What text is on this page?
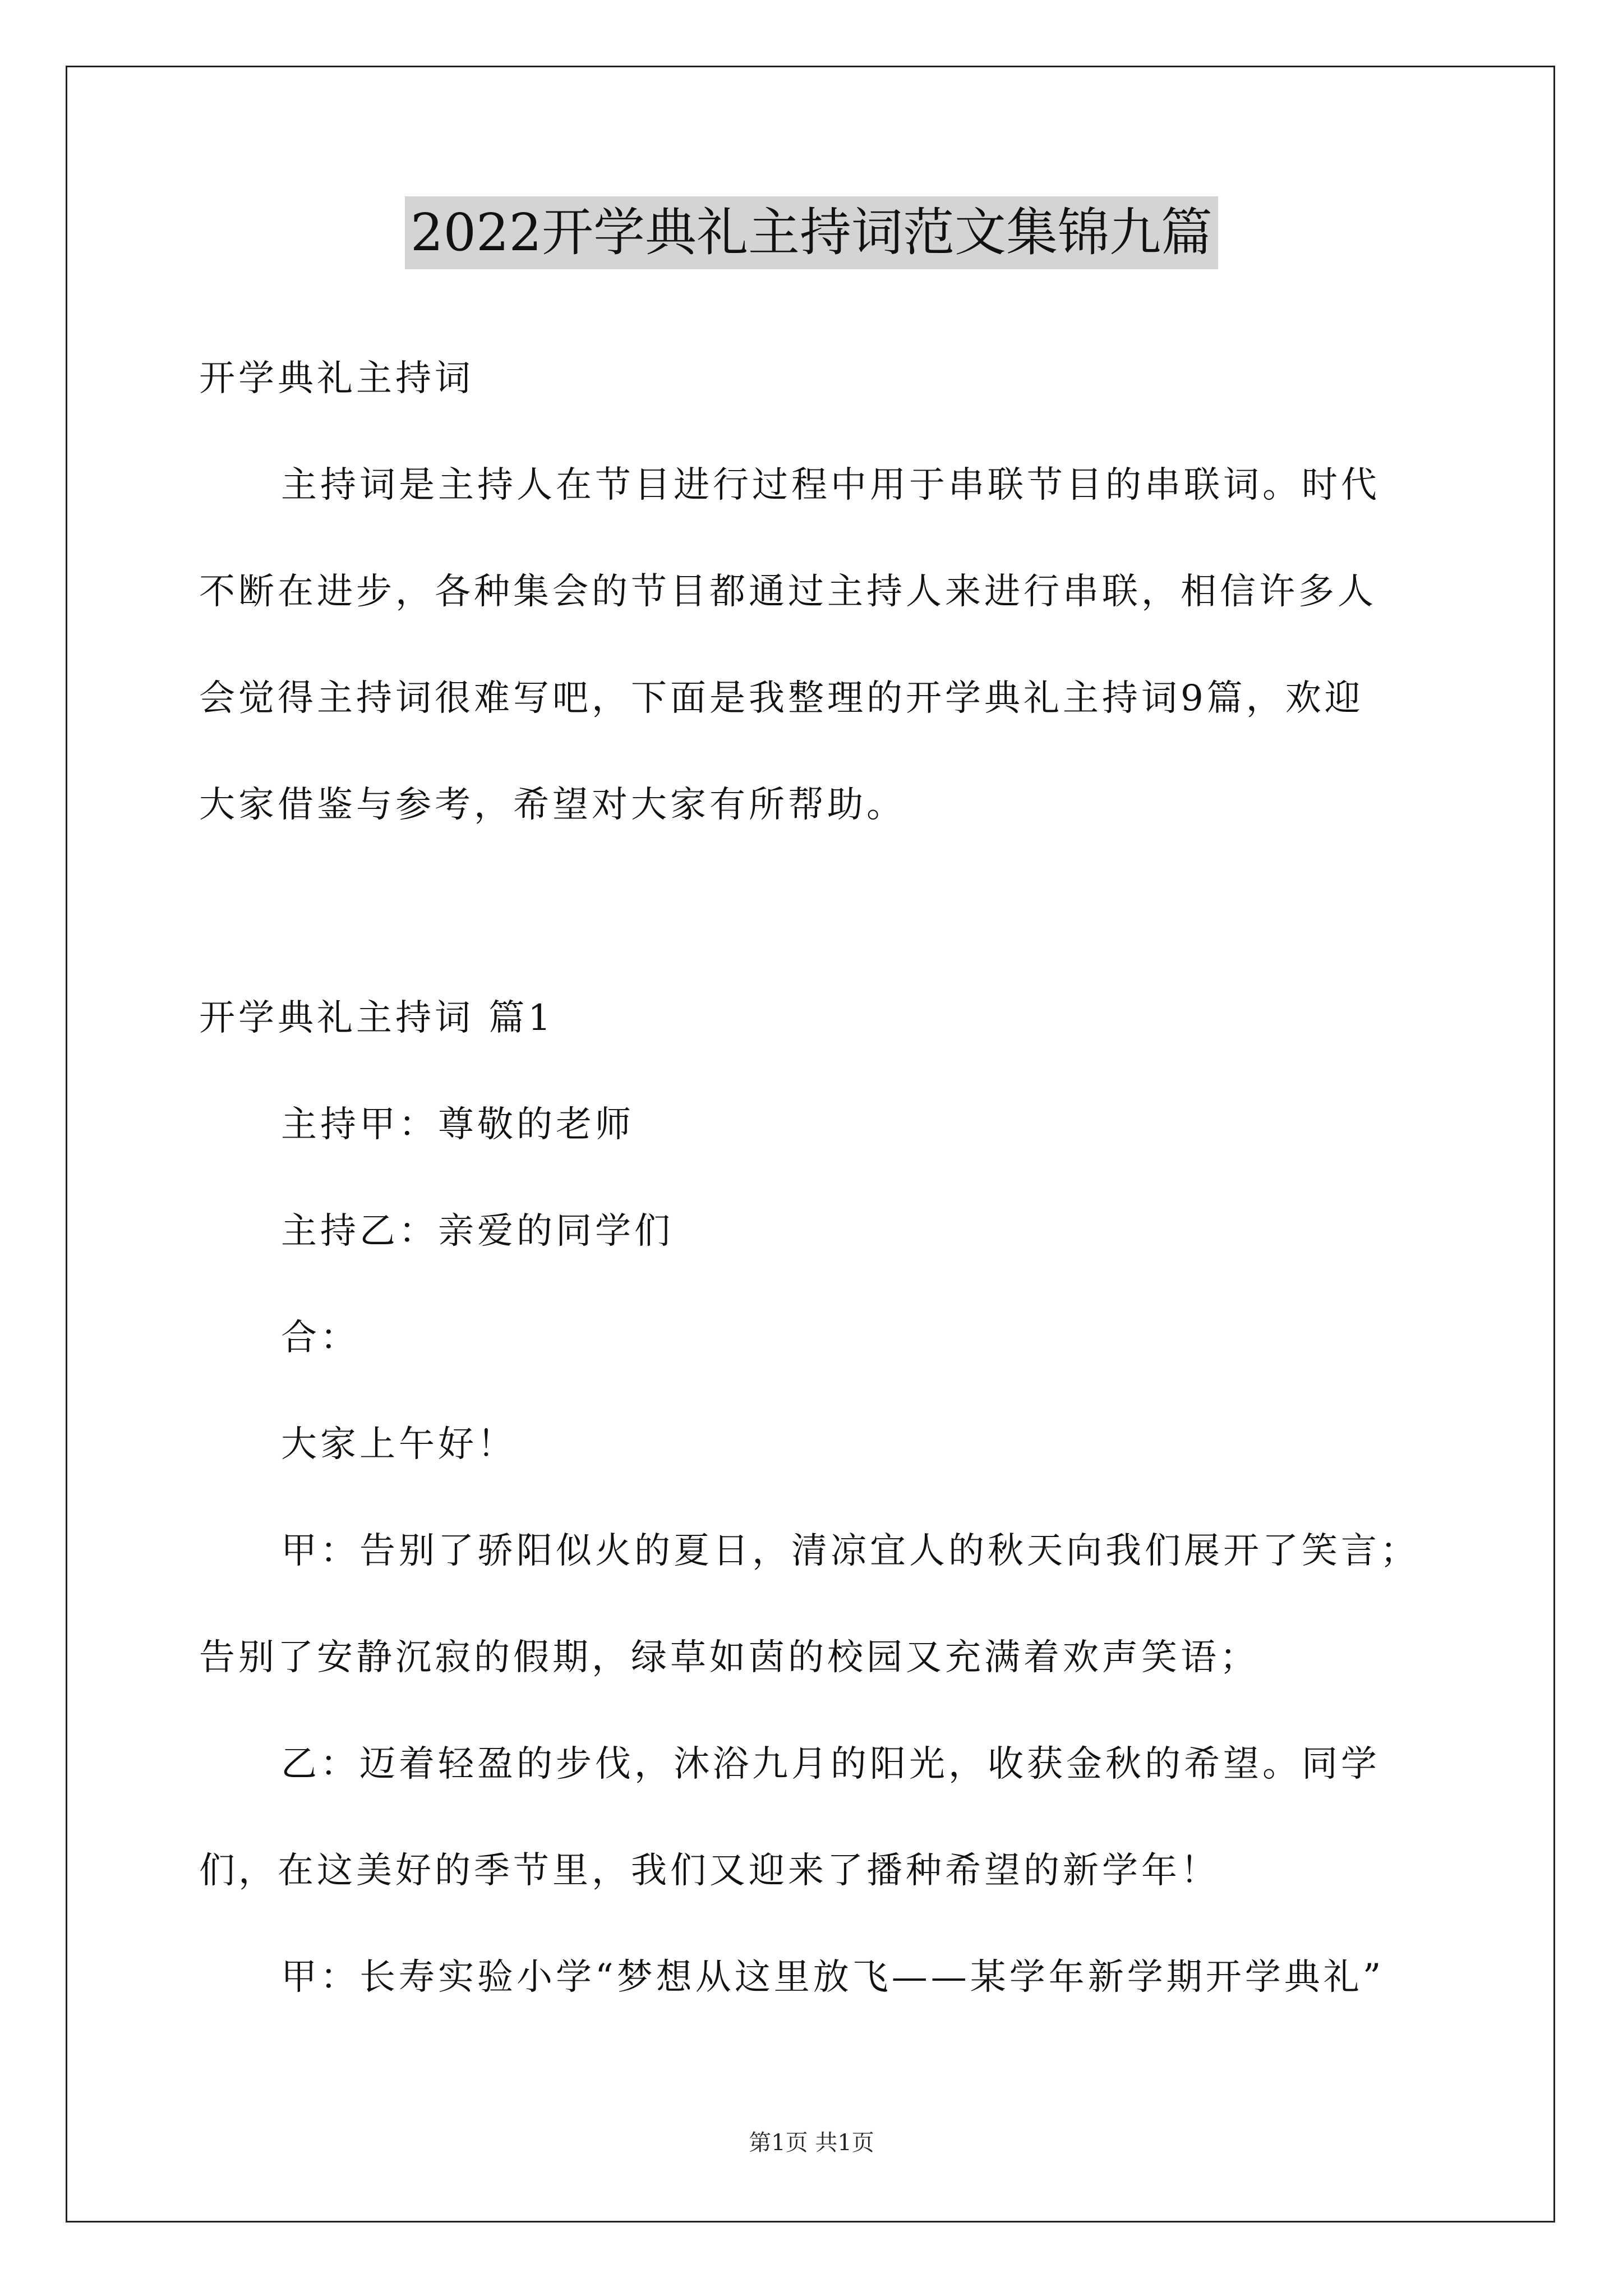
2022开学典礼主持词范文集锦九篇
开学典礼主持词
主持词是主持人在节目进行过程中用于串联节目的串联词。时代
不断在进步，各种集会的节目都通过主持人来进行串联，相信许多人
会觉得主持词很难写吧，下面是我整理的开学典礼主持词9篇，欢迎
大家借鉴与参考，希望对大家有所帮助。
开学典礼主持词 篇1
主持甲：尊敬的老师
主持乙：亲爱的同学们
合：
大家上午好！
甲：告别了骄阳似火的夏日，清凉宜人的秋天向我们展开了笑言；
告别了安静沉寂的假期，绿草如茵的校园又充满着欢声笑语；
乙：迈着轻盈的步伐，沐浴九月的阳光，收获金秋的希望。同学
们，在这美好的季节里，我们又迎来了播种希望的新学年！
甲：长寿实验小学“梦想从这里放飞——某学年新学期开学典礼”
第1页 共1页
